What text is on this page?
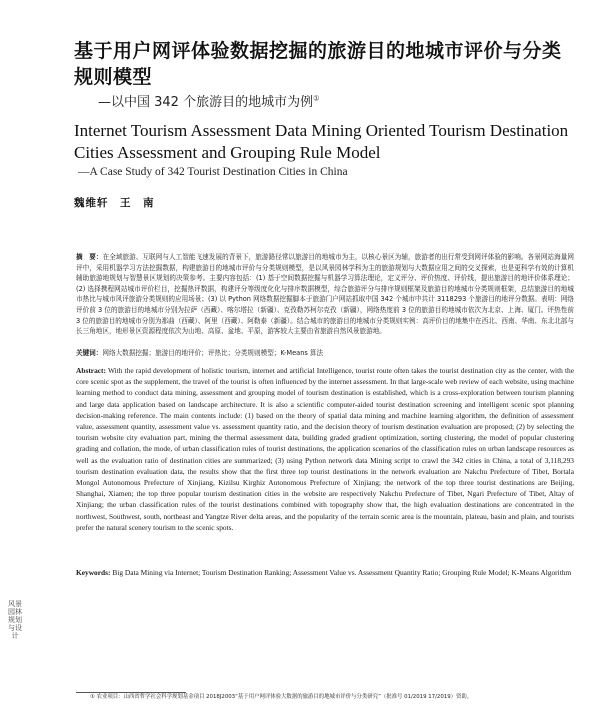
基于用户网评体验数据挖掘的旅游目的地城市评价与分类规则模型
—以中国 342 个旅游目的地城市为例①
Internet Tourism Assessment Data Mining Oriented Tourism Destination Cities Assessment and Grouping Rule Model
—A Case Study of 342 Tourist Destination Cities in China
魏维轩　王　南
摘　要：在全域旅游、互联网与人工智能飞速发展的背景下，旅游路径常以旅游目的地城市为主，以核心景区为辅，旅游者的出行常受到网评体验的影响。各景网站海量网评中，采用机器学习方法挖掘数据，构建旅游目的地城市评价与分类规则模型，是以风景园林学科为主的旅游规划与大数据应用之间的交叉探索，也是更科学有效的计算机辅助旅游地规划与智慧景区规划的决策参考。主要内容包括：(1) 基于空间数据挖掘与机器学习算法理论，定义评分、评价热度、评价线，提出旅游目的地评价体系理论；(2) 选择携程网站城市评价栏目，挖掘热评数据，构建评分等级度化化与排序数据模型，综合旅游评分与排序规则框架及旅游目的地城市分类规则框架，总结旅游目的地城市热比与城市风评旅游分类规则的应用场景；(3) 以 Python 网络数据挖掘脚本于旅游门户网站抓取中国 342 个城市中共计 3118293 个旅游目的地评分数据。表明：网络评价前 3 位的旅游目的地城市分别为拉萨（西藏）、喀尔塔拉（新疆）、克孜勒苏柯尔克孜（新疆），网络热度前 3 位的旅游目的地城市依次为北京、上海、厦门。评热性前 3 位的旅游目的地城市分别为那曲（西藏）、阿里（西藏）、阿勒泰（新疆）。结合城市的旅游目的地城市分类规则实例：高评价目的地集中在西北、西南、华南、东北北部与长三角地区，地形景区资源程度依次为山地、高原、盆地、平原，游客较大主要由省旅游自然风景旅游地。
关键词：网络大数据挖掘；旅游目的地评价；评热比；分类规则模型；K-Means 算法
Abstract: With the rapid development of holistic tourism, internet and artificial Intelligence, tourist route often takes the tourist destination city as the center, with the core scenic spot as the supplement, the travel of the tourist is often influenced by the internet assessment. In that large-scale web review of each website, using machine learning method to conduct data mining, assessment and grouping model of tourism destination is established, which is a cross-exploration between tourism planning and large data application based on landscape architecture. It is also a scientific computer-aided tourist destination screening and intelligent scenic spot planning decision-making reference. The main contents include: (1) based on the theory of spatial data mining and machine learning algorithm, the definition of assessment value, assessment quantity, assessment value vs. assessment quantity ratio, and the decision theory of tourism destination evaluation are proposed; (2) by selecting the tourism website city evaluation part, mining the thermal assessment data, building graded gradient optimization, sorting clustering, the model of popular clustering grading and collation, the mode, of urban classification rules of tourist destinations, the application scenarios of the classification rules on urban landscape resources as well as the evaluation ratio of destination cities are summarized; (3) using Python network data Mining script to crawl the 342 cities in China, a total of 3,118,293 tourism destination evaluation data, the results show that the first three top tourist destinations in the network evaluation are Nakchu Prefecture of Tibet, Bortala Mongol Autonomous Prefecture of Xinjiang, Kizilsu Kirghiz Autonomous Prefecture of Xinjiang; the network of the top three tourist destinations are Beijing, Shanghai, Xiamen; the top three popular tourism destination cities in the website are respectively Nakchu Prefecture of Tibet, Ngari Prefecture of Tibet, Altay of Xinjiang; the urban classification rules of the tourist destinations combined with topography show that, the high evaluation destinations are concentrated in the northwest, Southwest, south, northeast and Yangtze River delta areas, and the popularity of the terrain scenic area is the mountain, plateau, basin and plain, and tourists prefer the natural scenery tourism to the scenic spots.
Keywords: Big Data Mining via Internet; Tourism Destination Ranking; Assessment Value vs. Assessment Quantity Ratio; Grouping Rule Model; K-Means Algorithm
风景园林规划与设计
① 农业项目：山西省哲学社会科学规划基金项目 2018J2003“基于用户网评体验大数据的旅游目的地城市评价与分类研究”（批准号 01/2019 17/2019）资助。
